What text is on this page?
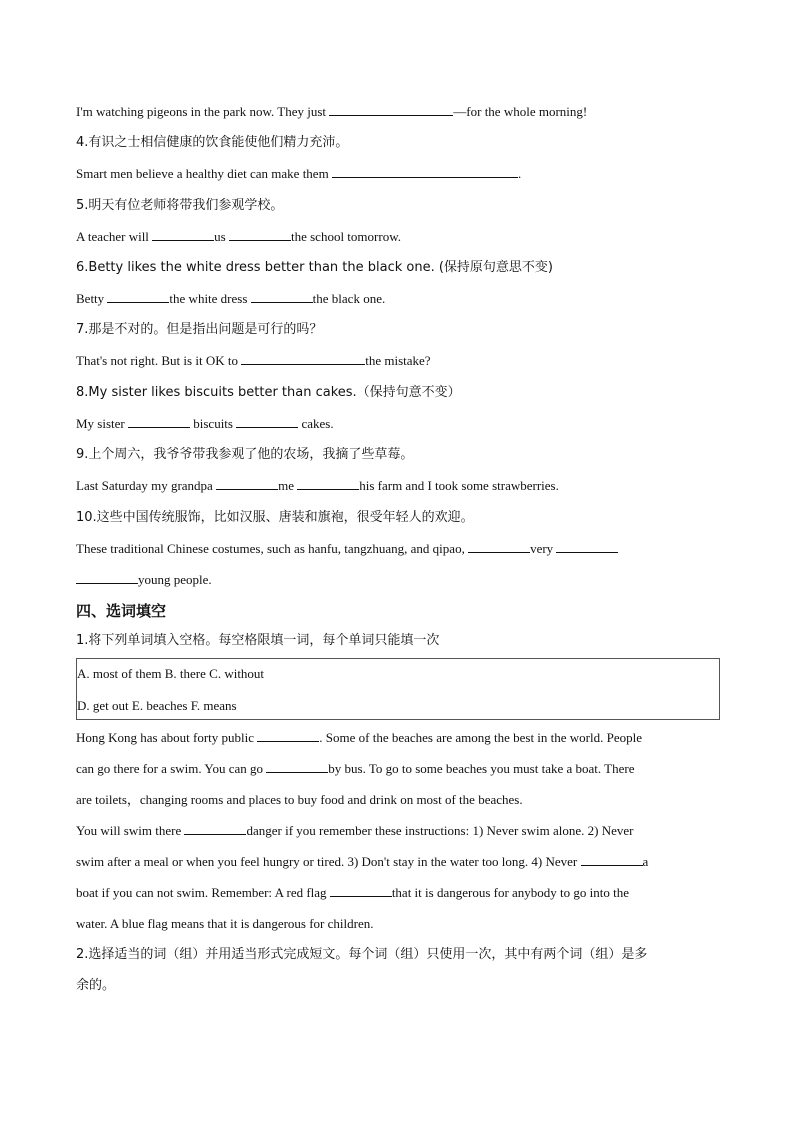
I'm watching pigeons in the park now. They just	—for the whole morning!
4.有识之士相信健康的饮食能使他们精力充沛。
Smart men believe a healthy diet can make them	.
5.明天有位老师将带我们参观学校。
A teacher will	us	the school tomorrow.
6.Betty likes the white dress better than the black one. (保持原句意思不变)
Betty	the white dress	the black one.
7.那是不对的。但是指出问题是可行的吗？
That's not right. But is it OK to	the mistake?
8.My sister likes biscuits better than cakes.（保持句意不变）
My sister	biscuits	cakes.
9.上个周六，我爷爷带我参观了他的农场，我摘了些草莓。
Last Saturday my grandpa	me	his farm and I took some strawberries.
10.这些中国传统服饰，比如汉服、唐装和旗袍，很受年轻人的欢迎。
These traditional Chinese costumes, such as hanfu, tangzhuang, and qipao,	very
young people.
四、选词填空
1.将下列单词填入空格。每空格限填一词，每个单词只能填一次
A. most of them B. there C. without
D. get out E. beaches F. means
Hong Kong has about forty public	. Some of the beaches are among the best in the world. People
can go there for a swim. You can go	by bus. To go to some beaches you must take a boat. There
are toilets，changing rooms and places to buy food and drink on most of the beaches.
You will swim there	danger if you remember these instructions: 1) Never swim alone. 2) Never
swim after a meal or when you feel hungry or tired. 3) Don't stay in the water too long. 4) Never	a
boat if you can not swim. Remember: A red flag	that it is dangerous for anybody to go into the
water. A blue flag means that it is dangerous for children.
2.选择适当的词（组）并用适当形式完成短文。每个词（组）只使用一次，其中有两个词（组）是多
余的。
